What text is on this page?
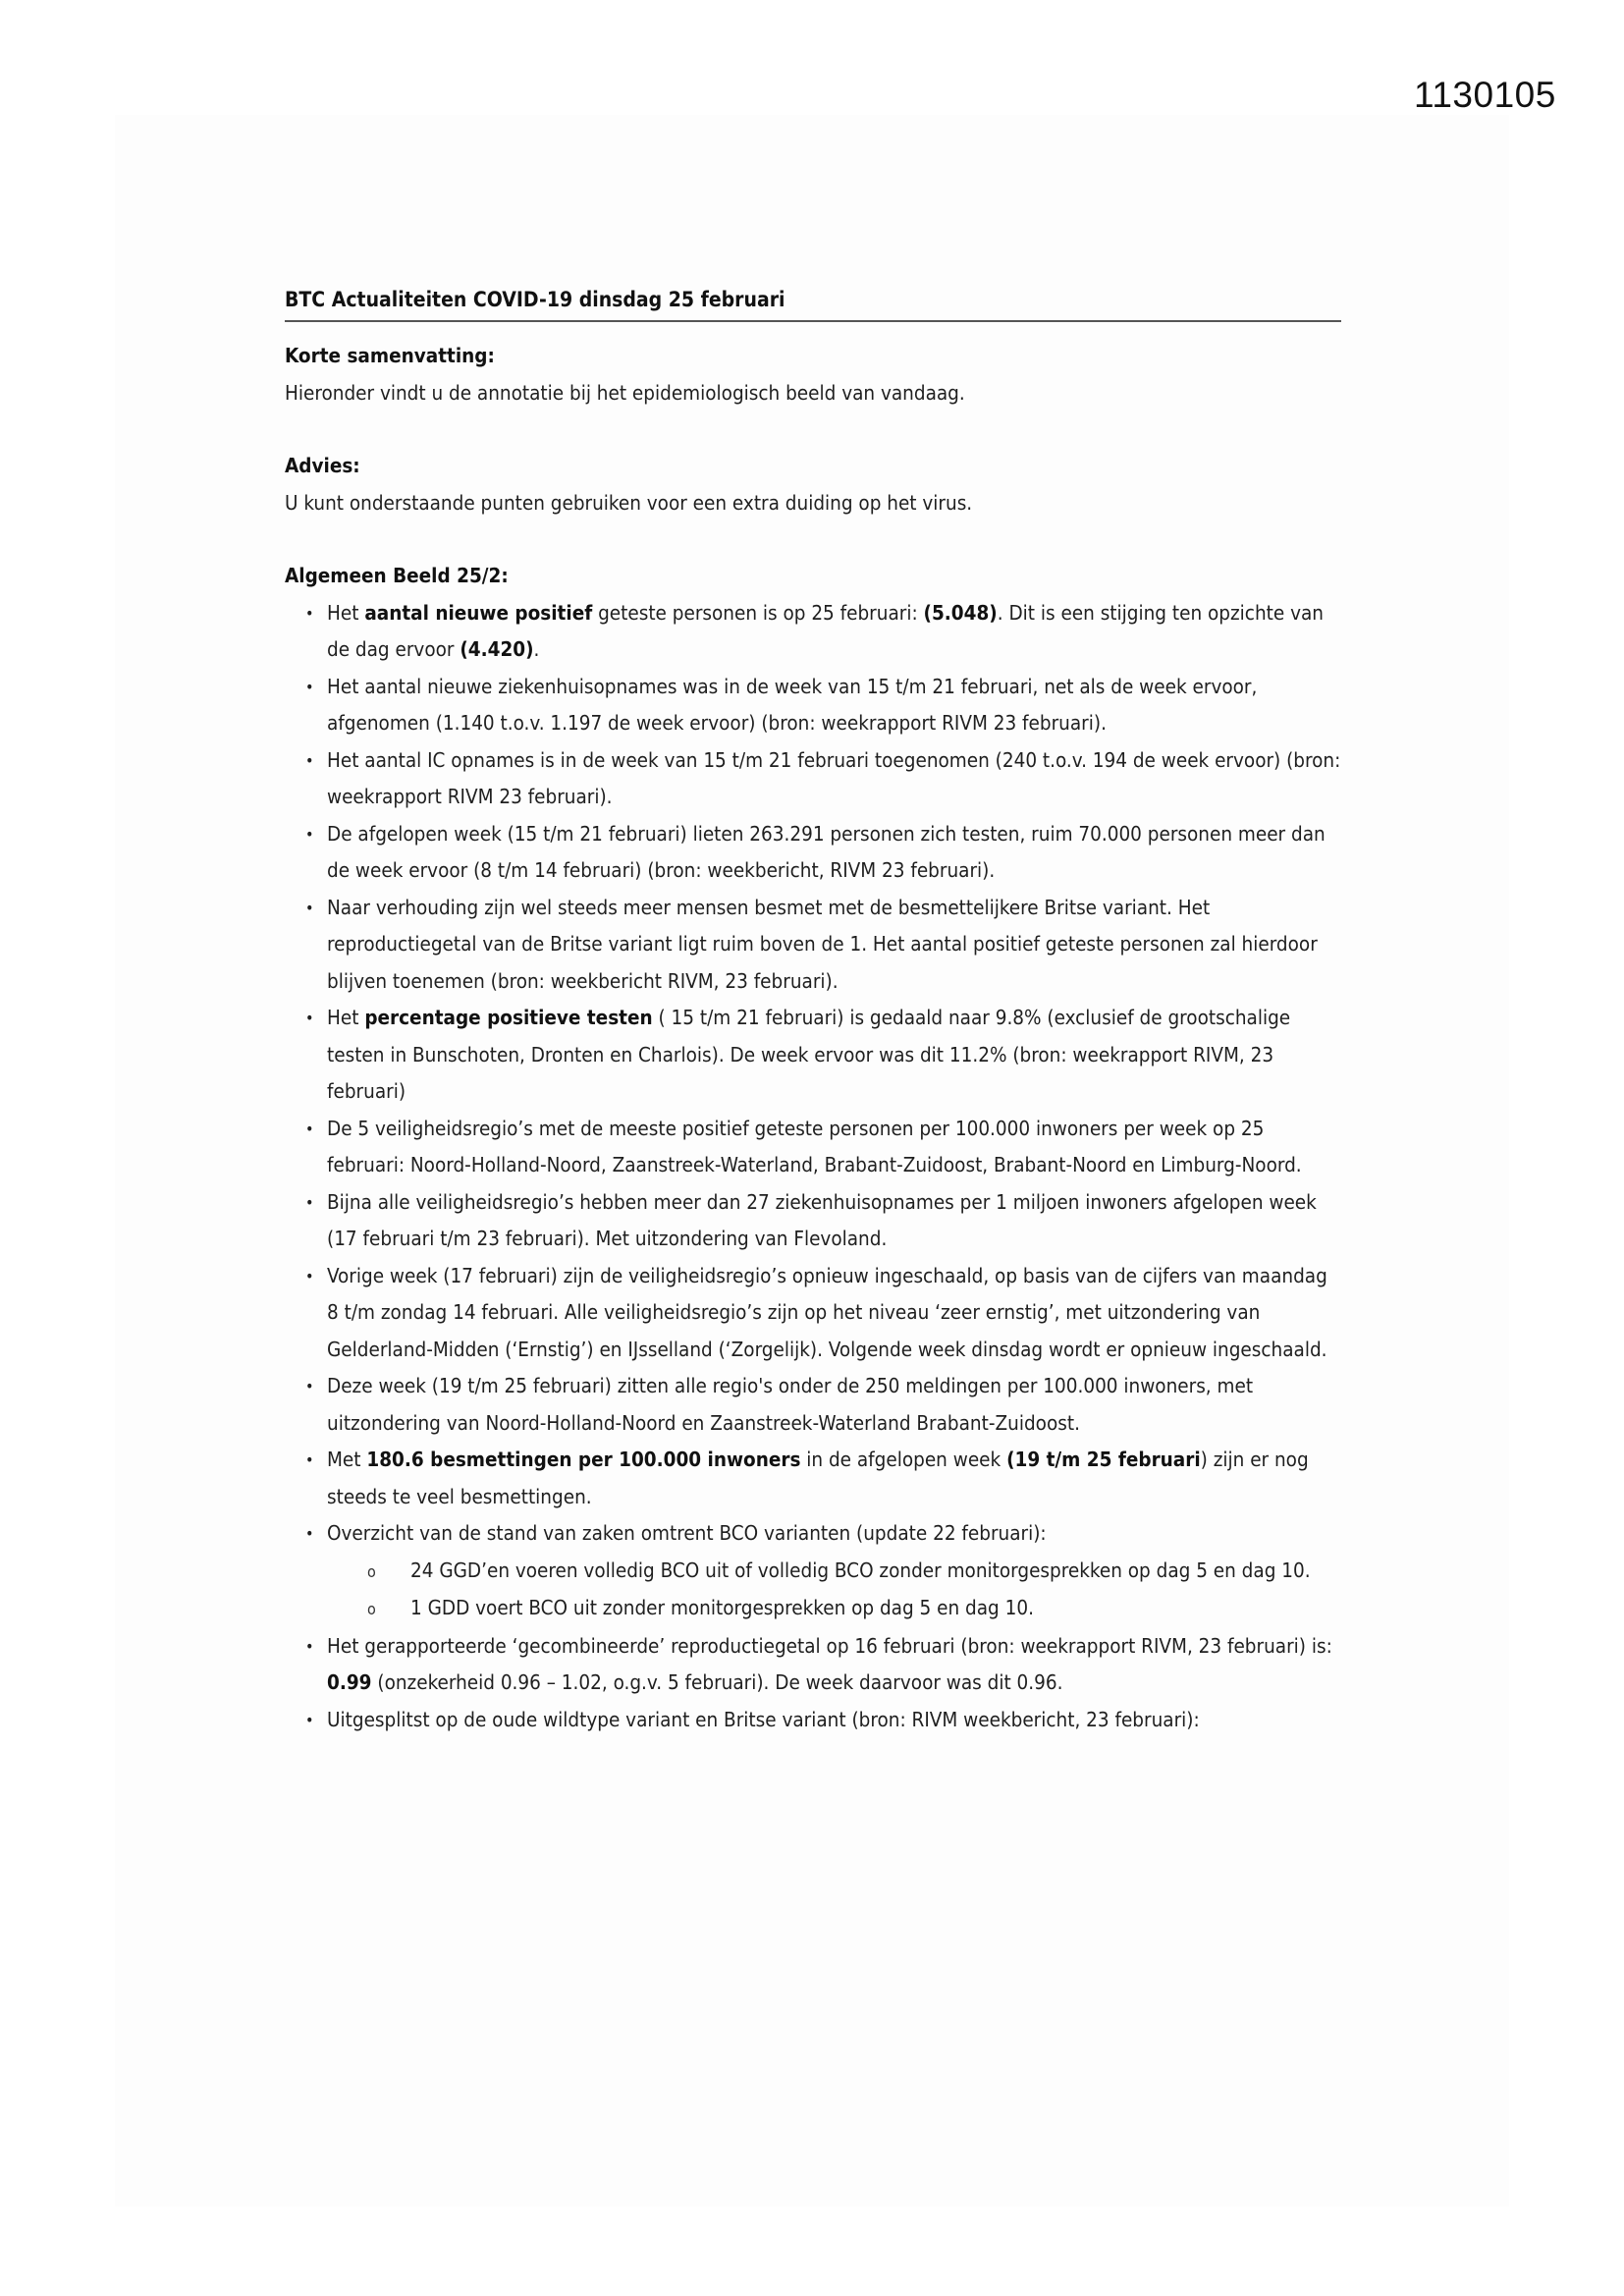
1130105
BTC Actualiteiten COVID-19 dinsdag 25 februari
Korte samenvatting:

Hieronder vindt u de annotatie bij het epidemiologisch beeld van vandaag.

Advies:

U kunt onderstaande punten gebruiken voor een extra duiding op het virus.

Algemeen Beeld 25/2:
• Het aantal nieuwe positief geteste personen is op 25 februari: (5.048). Dit is een stijging ten opzichte van de dag ervoor (4.420).
• Het aantal nieuwe ziekenhuisopnames was in de week van 15 t/m 21 februari, net als de week ervoor, afgenomen (1.140 t.o.v. 1.197 de week ervoor) (bron: weekrapport RIVM 23 februari).
• Het aantal IC opnames is in de week van 15 t/m 21 februari toegenomen (240 t.o.v. 194 de week ervoor) (bron: weekrapport RIVM 23 februari).
• De afgelopen week (15 t/m 21 februari) lieten 263.291 personen zich testen, ruim 70.000 personen meer dan de week ervoor (8 t/m 14 februari) (bron: weekbericht, RIVM 23 februari).
• Naar verhouding zijn wel steeds meer mensen besmet met de besmettelijkere Britse variant. Het reproductiegetal van de Britse variant ligt ruim boven de 1. Het aantal positief geteste personen zal hierdoor blijven toenemen (bron: weekbericht RIVM, 23 februari).
• Het percentage positieve testen ( 15 t/m 21 februari) is gedaald naar 9.8% (exclusief de grootschalige testen in Bunschoten, Dronten en Charlois). De week ervoor was dit 11.2% (bron: weekrapport RIVM, 23 februari)
• De 5 veiligheidsregio’s met de meeste positief geteste personen per 100.000 inwoners per week op 25 februari: Noord-Holland-Noord, Zaanstreek-Waterland, Brabant-Zuidoost, Brabant-Noord en Limburg-Noord.
• Bijna alle veiligheidsregio’s hebben meer dan 27 ziekenhuisopnames per 1 miljoen inwoners afgelopen week (17 februari t/m 23 februari). Met uitzondering van Flevoland.
• Vorige week (17 februari) zijn de veiligheidsregio’s opnieuw ingeschaald, op basis van de cijfers van maandag 8 t/m zondag 14 februari. Alle veiligheidsregio’s zijn op het niveau ‘zeer ernstig’, met uitzondering van Gelderland-Midden (‘Ernstig’) en IJsselland (‘Zorgelijk). Volgende week dinsdag wordt er opnieuw ingeschaald.
• Deze week (19 t/m 25 februari) zitten alle regio's onder de 250 meldingen per 100.000 inwoners, met uitzondering van Noord-Holland-Noord en Zaanstreek-Waterland Brabant-Zuidoost.
• Met 180.6 besmettingen per 100.000 inwoners in de afgelopen week (19 t/m 25 februari) zijn er nog steeds te veel besmettingen.
• Overzicht van de stand van zaken omtrent BCO varianten (update 22 februari):
o 24 GGD’en voeren volledig BCO uit of volledig BCO zonder monitorgesprekken op dag 5 en dag 10.
o 1 GDD voert BCO uit zonder monitorgesprekken op dag 5 en dag 10.
• Het gerapporteerde ‘gecombineerde’ reproductiegetal op 16 februari (bron: weekrapport RIVM, 23 februari) is: 0.99 (onzekerheid 0.96 – 1.02, o.g.v. 5 februari). De week daarvoor was dit 0.96.
• Uitgesplitst op de oude wildtype variant en Britse variant (bron: RIVM weekbericht, 23 februari):
